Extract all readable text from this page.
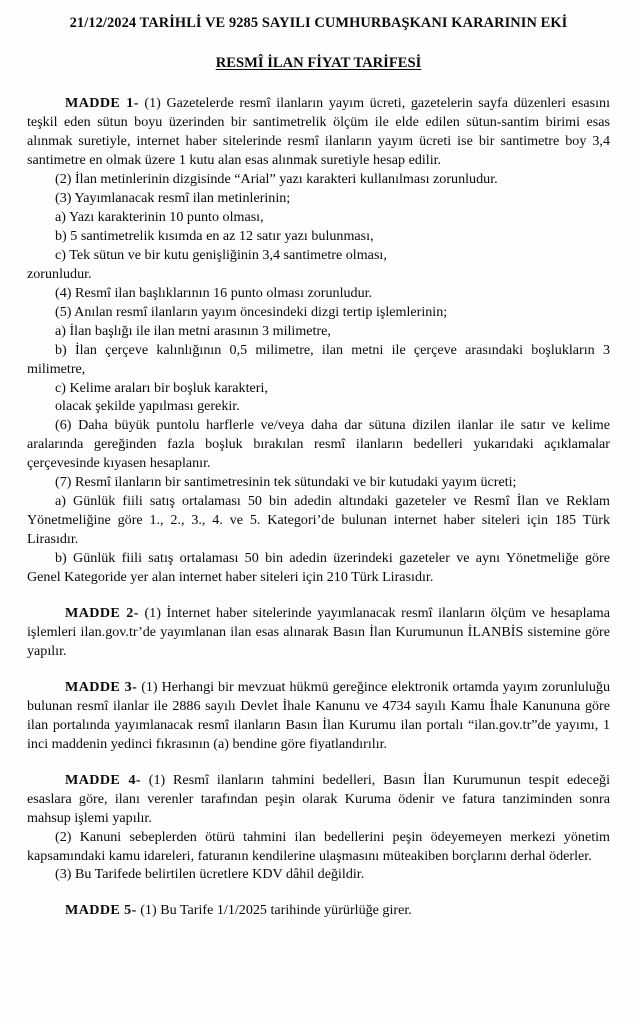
21/12/2024 TARİHLİ VE 9285 SAYILI CUMHURBAŞKANI KARARININ EKİ
RESMÎ İLAN FİYAT TARİFESİ

MADDE 1- (1) Gazetelerde resmî ilanların yayım ücreti, gazetelerin sayfa düzenleri esasını teşkil eden sütun boyu üzerinden bir santimetrelik ölçüm ile elde edilen sütun-santim birimi esas alınmak suretiyle, internet haber sitelerinde resmî ilanların yayım ücreti ise bir santimetre boy 3,4 santimetre en olmak üzere 1 kutu alan esas alınmak suretiyle hesap edilir.

(2) İlan metinlerinin dizgisinde “Arial” yazı karakteri kullanılması zorunludur.

(3) Yayımlanacak resmî ilan metinlerinin;

a) Yazı karakterinin 10 punto olması,

b) 5 santimetrelik kısımda en az 12 satır yazı bulunması,

c) Tek sütun ve bir kutu genişliğinin 3,4 santimetre olması,

zorunludur.

(4) Resmî ilan başlıklarının 16 punto olması zorunludur.

(5) Anılan resmî ilanların yayım öncesindeki dizgi tertip işlemlerinin;

a) İlan başlığı ile ilan metni arasının 3 milimetre,

b) İlan çerçeve kalınlığının 0,5 milimetre, ilan metni ile çerçeve arasındaki boşlukların 3 milimetre,

c) Kelime araları bir boşluk karakteri,

olacak şekilde yapılması gerekir.

(6) Daha büyük puntolu harflerle ve/veya daha dar sütuna dizilen ilanlar ile satır ve kelime aralarında gereğinden fazla boşluk bırakılan resmî ilanların bedelleri yukarıdaki açıklamalar çerçevesinde kıyasen hesaplanır.

(7) Resmî ilanların bir santimetresinin tek sütundaki ve bir kutudaki yayım ücreti;

a) Günlük fiili satış ortalaması 50 bin adedin altındaki gazeteler ve Resmî İlan ve Reklam Yönetmeliğine göre 1., 2., 3., 4. ve 5. Kategori’de bulunan internet haber siteleri için 185 Türk Lirasıdır.

b) Günlük fiili satış ortalaması 50 bin adedin üzerindeki gazeteler ve aynı Yönetmeliğe göre Genel Kategoride yer alan internet haber siteleri için 210 Türk Lirasıdır.

MADDE 2- (1) İnternet haber sitelerinde yayımlanacak resmî ilanların ölçüm ve hesaplama işlemleri ilan.gov.tr’de yayımlanan ilan esas alınarak Basın İlan Kurumunun İLANBİS sistemine göre yapılır.

MADDE 3- (1) Herhangi bir mevzuat hükmü gereğince elektronik ortamda yayım zorunluluğu bulunan resmî ilanlar ile 2886 sayılı Devlet İhale Kanunu ve 4734 sayılı Kamu İhale Kanununa göre ilan portalında yayımlanacak resmî ilanların Basın İlan Kurumu ilan portalı “ilan.gov.tr”de yayımı, 1 inci maddenin yedinci fıkrasının (a) bendine göre fiyatlandırılır.

MADDE 4- (1) Resmî ilanların tahmini bedelleri, Basın İlan Kurumunun tespit edeceği esaslara göre, ilanı verenler tarafından peşin olarak Kuruma ödenir ve fatura tanziminden sonra mahsup işlemi yapılır.

(2) Kanuni sebeplerden ötürü tahmini ilan bedellerini peşin ödeyemeyen merkezi yönetim kapsamındaki kamu idareleri, faturanın kendilerine ulaşmasını müteakiben borçlarını derhal öderler.

(3) Bu Tarifede belirtilen ücretlere KDV dâhil değildir.

MADDE 5- (1) Bu Tarife 1/1/2025 tarihinde yürürlüğe girer.
